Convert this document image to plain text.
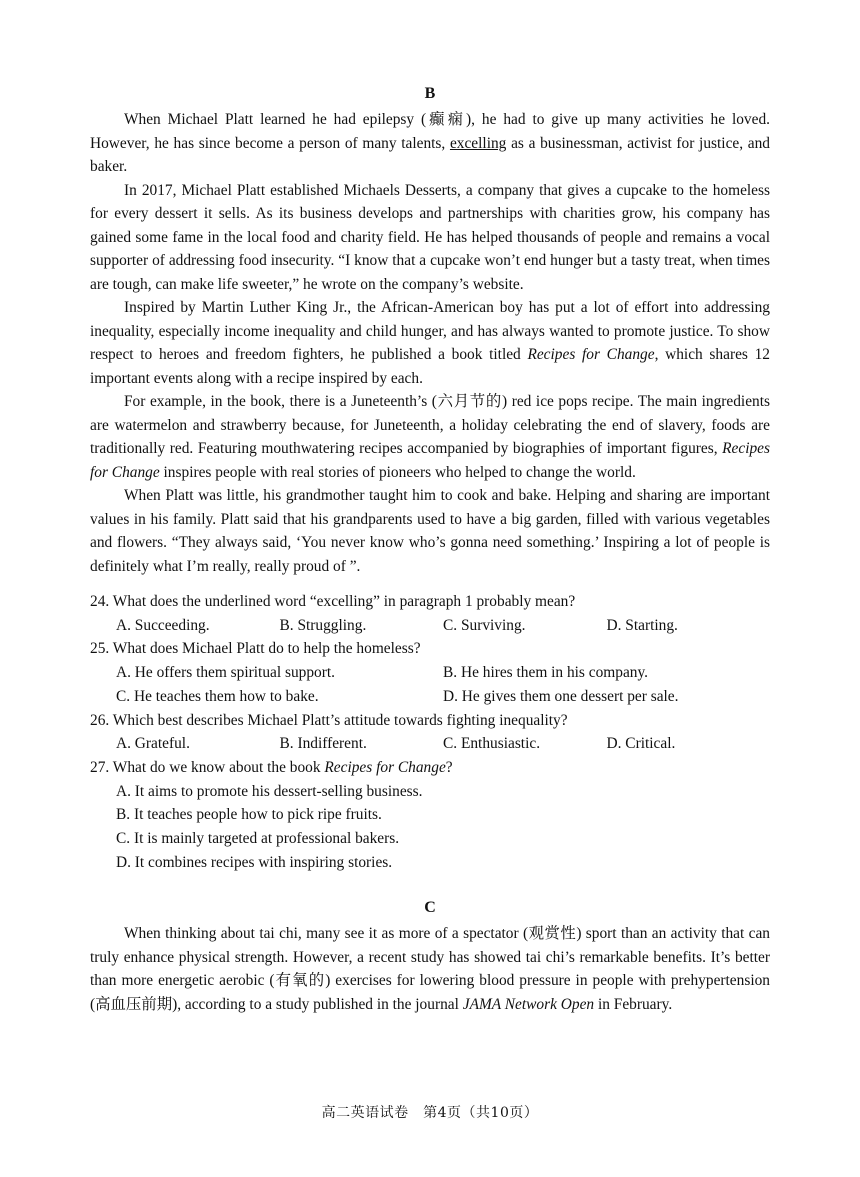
B

When Michael Platt learned he had epilepsy (癫痫), he had to give up many activities he loved. However, he has since become a person of many talents, excelling as a businessman, activist for justice, and baker.

In 2017, Michael Platt established Michaels Desserts, a company that gives a cupcake to the homeless for every dessert it sells. As its business develops and partnerships with charities grow, his company has gained some fame in the local food and charity field. He has helped thousands of people and remains a vocal supporter of addressing food insecurity. “I know that a cupcake won’t end hunger but a tasty treat, when times are tough, can make life sweeter,” he wrote on the company’s website.

Inspired by Martin Luther King Jr., the African-American boy has put a lot of effort into addressing inequality, especially income inequality and child hunger, and has always wanted to promote justice. To show respect to heroes and freedom fighters, he published a book titled Recipes for Change, which shares 12 important events along with a recipe inspired by each.

For example, in the book, there is a Juneteenth’s (六月节的) red ice pops recipe. The main ingredients are watermelon and strawberry because, for Juneteenth, a holiday celebrating the end of slavery, foods are traditionally red. Featuring mouthwatering recipes accompanied by biographies of important figures, Recipes for Change inspires people with real stories of pioneers who helped to change the world.

When Platt was little, his grandmother taught him to cook and bake. Helping and sharing are important values in his family. Platt said that his grandparents used to have a big garden, filled with various vegetables and flowers. “They always said, ‘You never know who’s gonna need something.’ Inspiring a lot of people is definitely what I’m really, really proud of ”.

24. What does the underlined word “excelling” in paragraph 1 probably mean?
A. Succeeding.	B. Struggling.	C. Surviving.	D. Starting.
25. What does Michael Platt do to help the homeless?
A. He offers them spiritual support.	B. He hires them in his company.
C. He teaches them how to bake.	D. He gives them one dessert per sale.
26. Which best describes Michael Platt’s attitude towards fighting inequality?
A. Grateful.	B. Indifferent.	C. Enthusiastic.	D. Critical.
27. What do we know about the book Recipes for Change?
A. It aims to promote his dessert-selling business.
B. It teaches people how to pick ripe fruits.
C. It is mainly targeted at professional bakers.
D. It combines recipes with inspiring stories.
C

When thinking about tai chi, many see it as more of a spectator (观赏性) sport than an activity that can truly enhance physical strength. However, a recent study has showed tai chi’s remarkable benefits. It’s better than more energetic aerobic (有氧的) exercises for lowering blood pressure in people with prehypertension (高血压前期), according to a study published in the journal JAMA Network Open in February.

高二英语试卷　第4页（共10页）
